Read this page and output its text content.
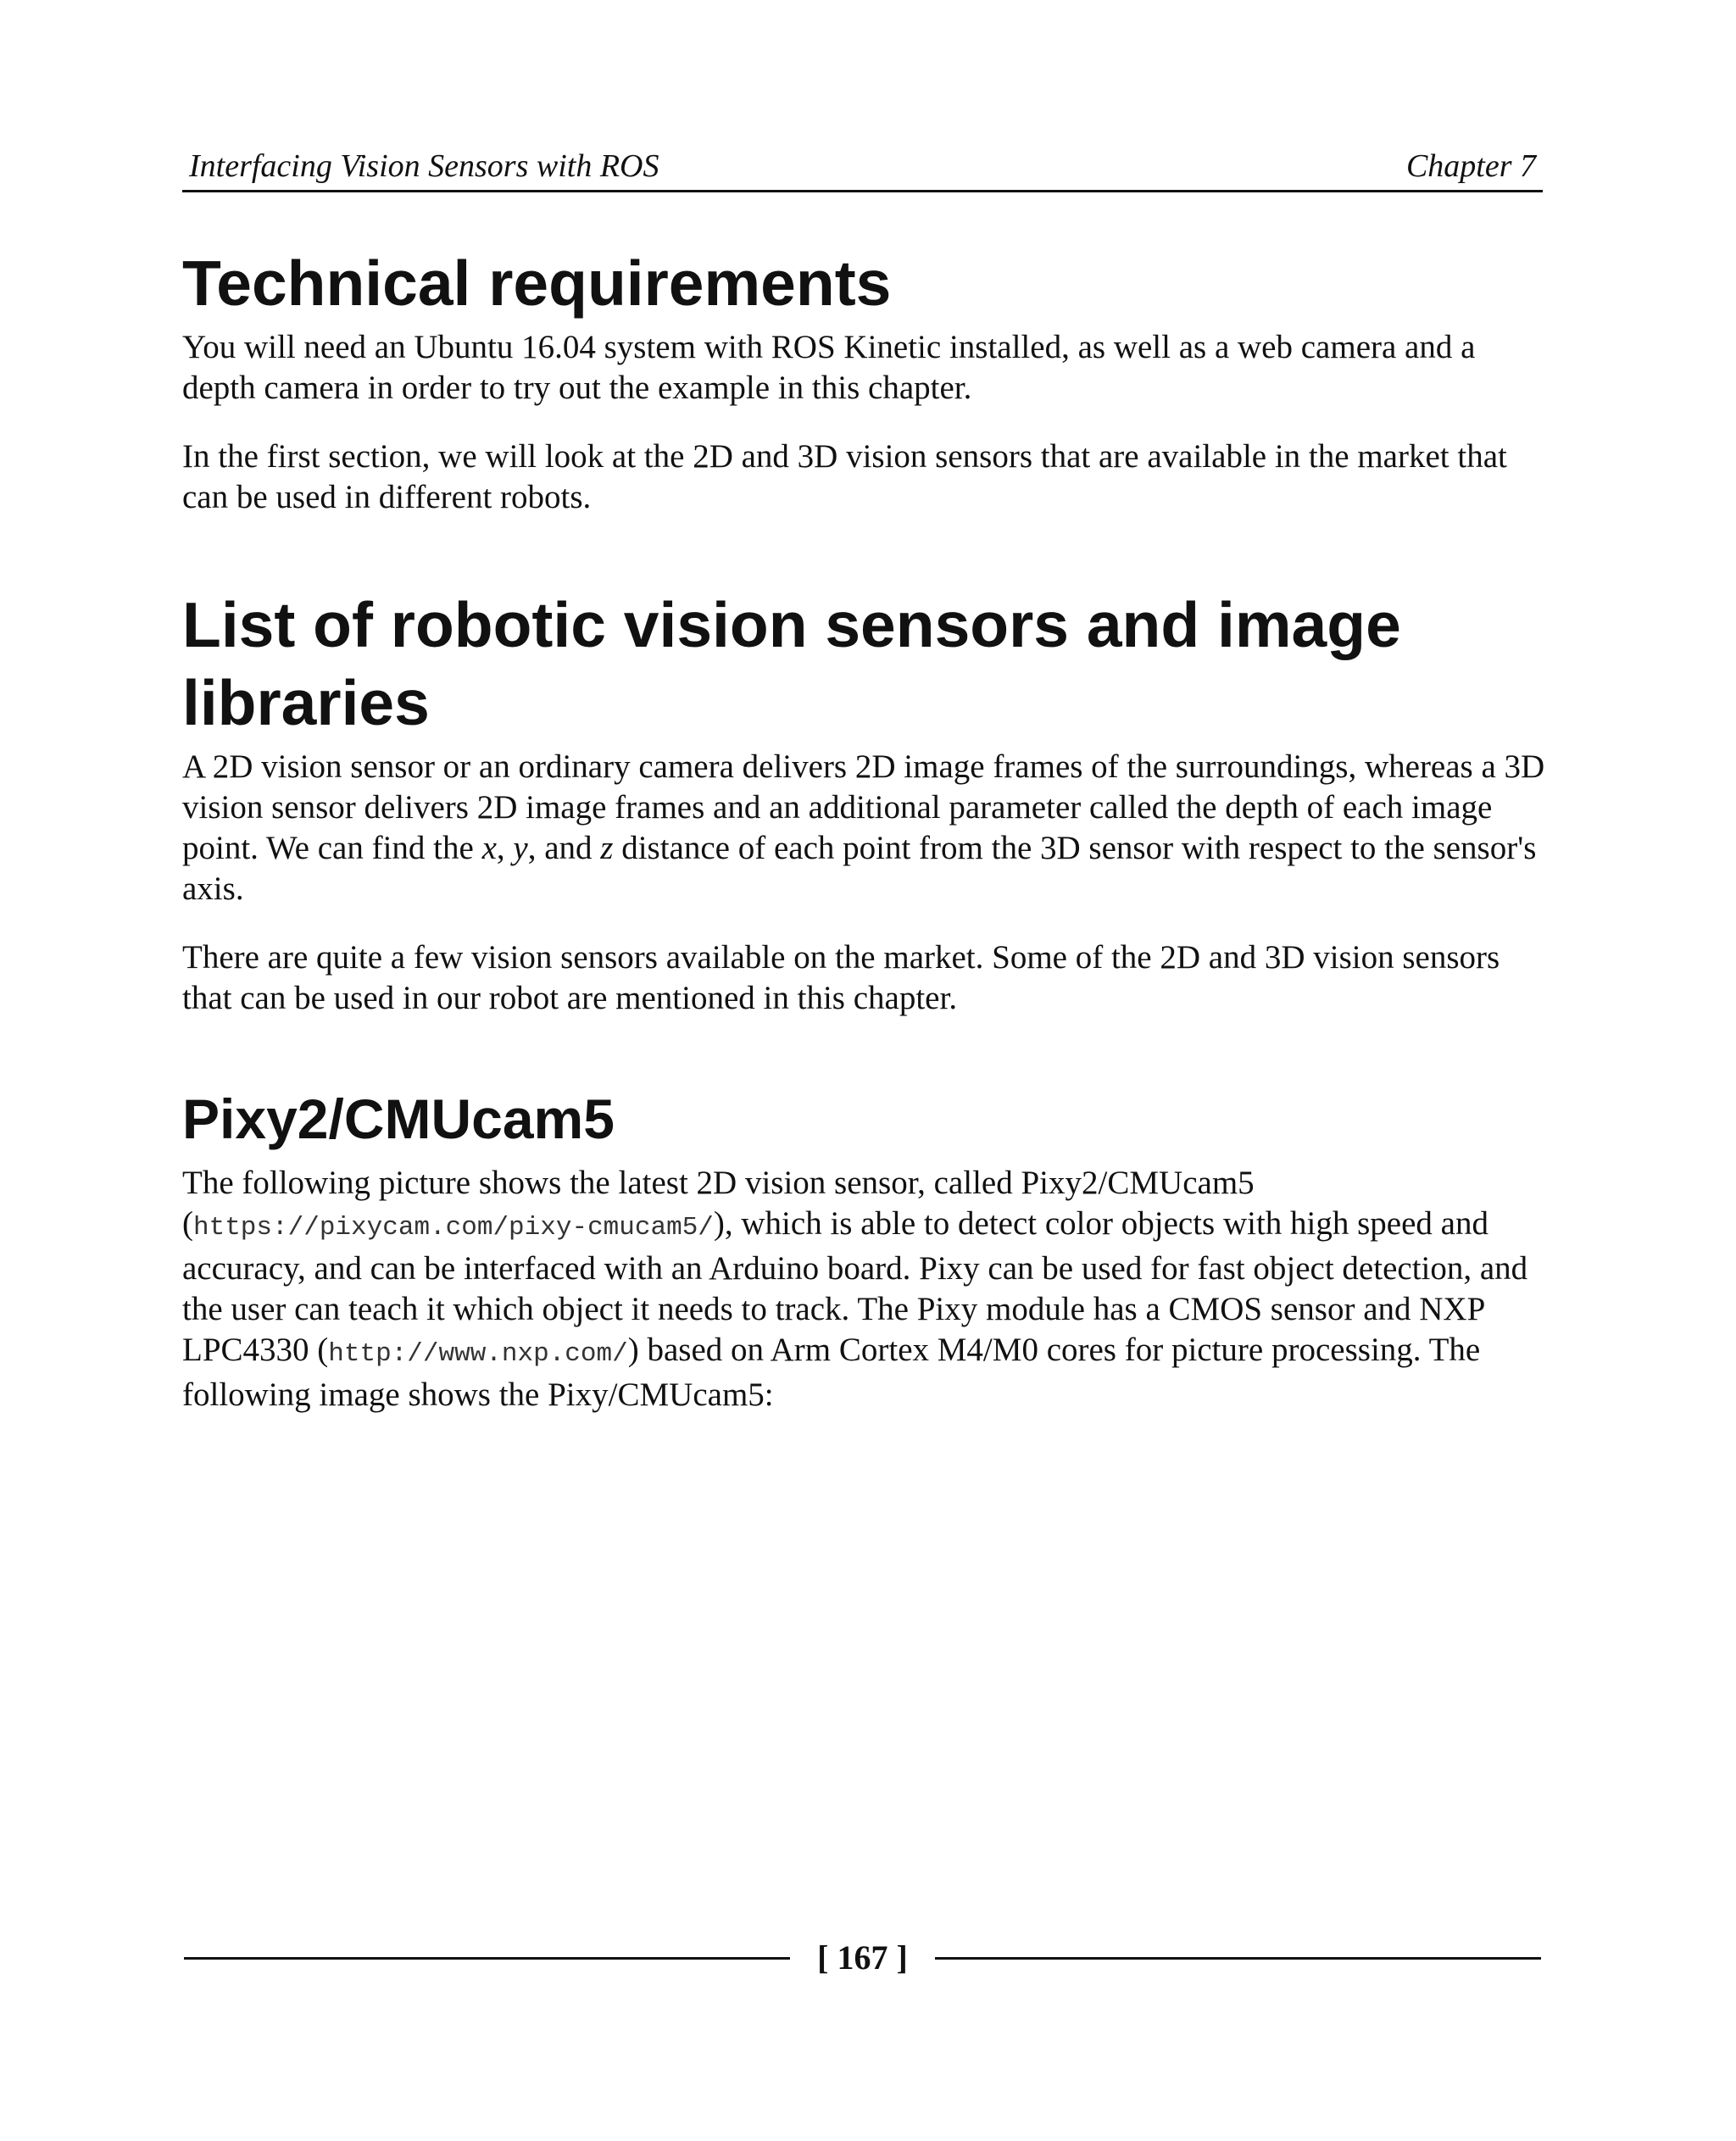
Interfacing Vision Sensors with ROS	Chapter 7
Technical requirements

You will need an Ubuntu 16.04 system with ROS Kinetic installed, as well as a web camera and a depth camera in order to try out the example in this chapter.

In the first section, we will look at the 2D and 3D vision sensors that are available in the market that can be used in different robots.

List of robotic vision sensors and image libraries

A 2D vision sensor or an ordinary camera delivers 2D image frames of the surroundings, whereas a 3D vision sensor delivers 2D image frames and an additional parameter called the depth of each image point. We can find the x, y, and z distance of each point from the 3D sensor with respect to the sensor's axis.

There are quite a few vision sensors available on the market. Some of the 2D and 3D vision sensors that can be used in our robot are mentioned in this chapter.

Pixy2/CMUcam5

The following picture shows the latest 2D vision sensor, called Pixy2/CMUcam5 (https://pixycam.com/pixy-cmucam5/), which is able to detect color objects with high speed and accuracy, and can be interfaced with an Arduino board. Pixy can be used for fast object detection, and the user can teach it which object it needs to track. The Pixy module has a CMOS sensor and NXP LPC4330 (http://www.nxp.com/) based on Arm Cortex M4/M0 cores for picture processing. The following image shows the Pixy/CMUcam5:

[ 167 ]
